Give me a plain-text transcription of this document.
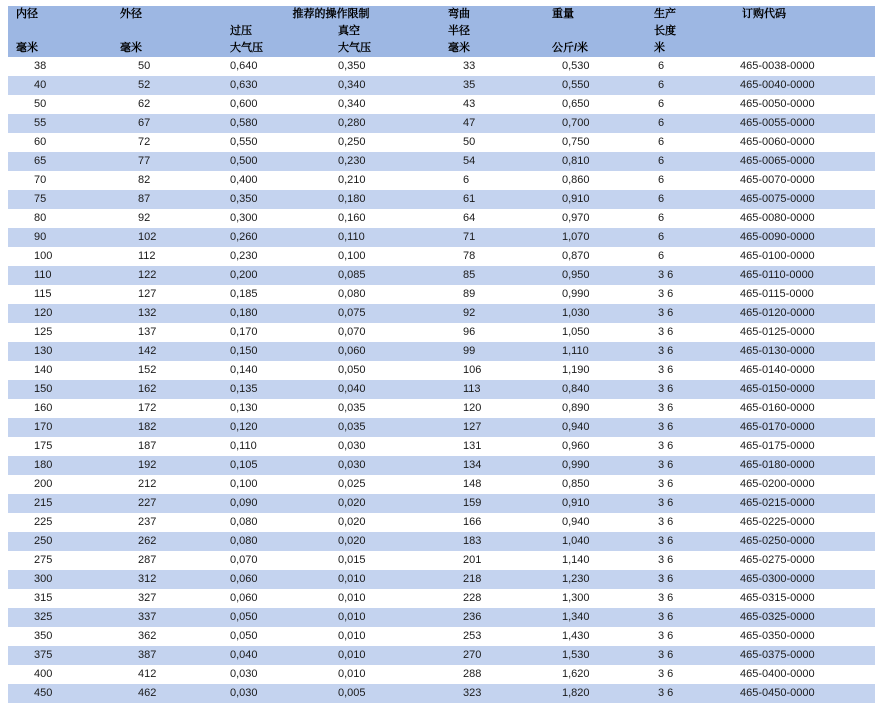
内径	外径	推荐的操作限制		弯曲	重量	生产	订购代码
		过压	真空	半径		长度	
毫米	毫米	大气压	大气压	毫米	公斤/米	米	
38	50	0,640	0,350	33	0,530	6	465-0038-0000
40	52	0,630	0,340	35	0,550	6	465-0040-0000
50	62	0,600	0,340	43	0,650	6	465-0050-0000
55	67	0,580	0,280	47	0,700	6	465-0055-0000
60	72	0,550	0,250	50	0,750	6	465-0060-0000
65	77	0,500	0,230	54	0,810	6	465-0065-0000
70	82	0,400	0,210	6	0,860	6	465-0070-0000
75	87	0,350	0,180	61	0,910	6	465-0075-0000
80	92	0,300	0,160	64	0,970	6	465-0080-0000
90	102	0,260	0,110	71	1,070	6	465-0090-0000
100	112	0,230	0,100	78	0,870	6	465-0100-0000
110	122	0,200	0,085	85	0,950	3 6	465-0110-0000
115	127	0,185	0,080	89	0,990	3 6	465-0115-0000
120	132	0,180	0,075	92	1,030	3 6	465-0120-0000
125	137	0,170	0,070	96	1,050	3 6	465-0125-0000
130	142	0,150	0,060	99	1,110	3 6	465-0130-0000
140	152	0,140	0,050	106	1,190	3 6	465-0140-0000
150	162	0,135	0,040	113	0,840	3 6	465-0150-0000
160	172	0,130	0,035	120	0,890	3 6	465-0160-0000
170	182	0,120	0,035	127	0,940	3 6	465-0170-0000
175	187	0,110	0,030	131	0,960	3 6	465-0175-0000
180	192	0,105	0,030	134	0,990	3 6	465-0180-0000
200	212	0,100	0,025	148	0,850	3 6	465-0200-0000
215	227	0,090	0,020	159	0,910	3 6	465-0215-0000
225	237	0,080	0,020	166	0,940	3 6	465-0225-0000
250	262	0,080	0,020	183	1,040	3 6	465-0250-0000
275	287	0,070	0,015	201	1,140	3 6	465-0275-0000
300	312	0,060	0,010	218	1,230	3 6	465-0300-0000
315	327	0,060	0,010	228	1,300	3 6	465-0315-0000
325	337	0,050	0,010	236	1,340	3 6	465-0325-0000
350	362	0,050	0,010	253	1,430	3 6	465-0350-0000
375	387	0,040	0,010	270	1,530	3 6	465-0375-0000
400	412	0,030	0,010	288	1,620	3 6	465-0400-0000
450	462	0,030	0,005	323	1,820	3 6	465-0450-0000
